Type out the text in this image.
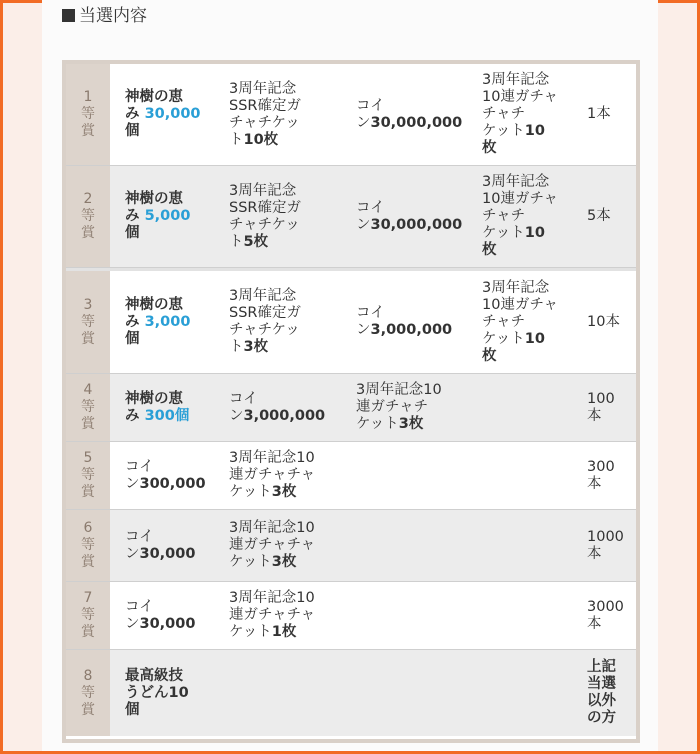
当選内容
1
等
賞
神樹の恵
み 30,000
個
3周年記念
SSR確定ガ
チャチケッ
ト10枚
コイ
ン30,000,000
3周年記念
10連ガチャ
チャチ
ケット10
枚
1本
2
等
賞
神樹の恵
み 5,000
個
3周年記念
SSR確定ガ
チャチケッ
ト5枚
コイ
ン30,000,000
3周年記念
10連ガチャ
チャチ
ケット10
枚
5本
3
等
賞
神樹の恵
み 3,000
個
3周年記念
SSR確定ガ
チャチケッ
ト3枚
コイ
ン3,000,000
3周年記念
10連ガチャ
チャチ
ケット10
枚
10本
4
等
賞
神樹の恵
み 300個
コイ
ン3,000,000
3周年記念10
連ガチャチ
ケット3枚
100
本
5
等
賞
コイ
ン300,000
3周年記念10
連ガチャチャ
ケット3枚
300
本
6
等
賞
コイ
ン30,000
3周年記念10
連ガチャチャ
ケット3枚
1000
本
7
等
賞
コイ
ン30,000
3周年記念10
連ガチャチャ
ケット1枚
3000
本
8
等
賞
最高級技
うどん10
個
上記
当選
以外
の方
